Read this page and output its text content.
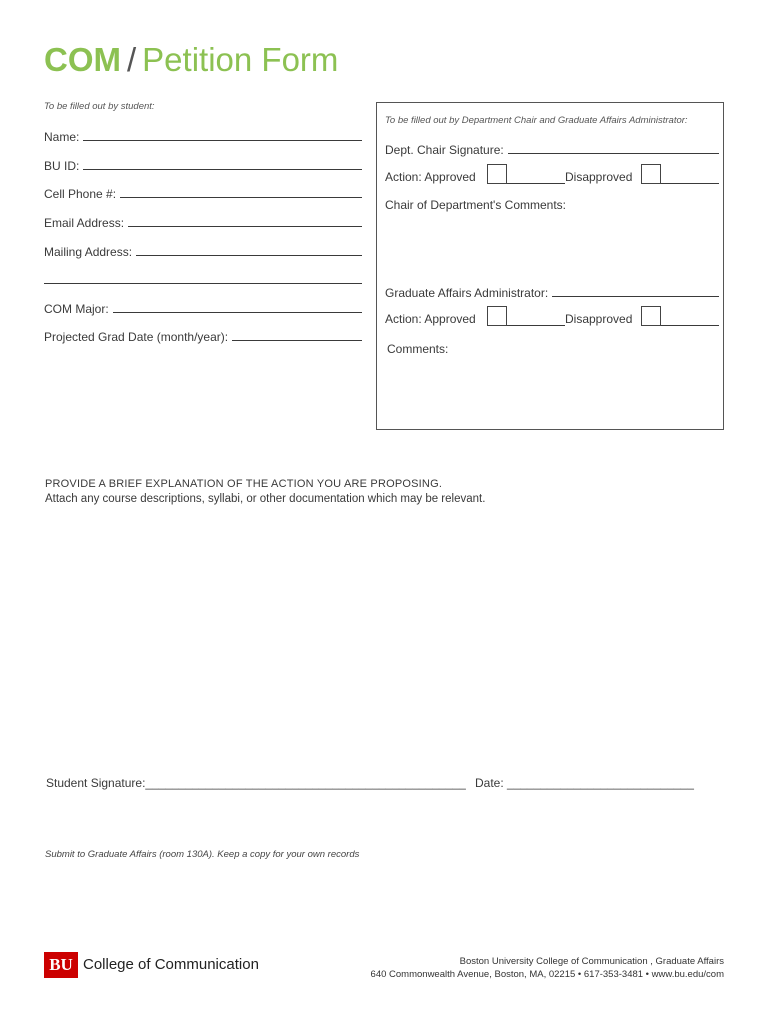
COM / Petition Form
To be filled out by student:
Name:
BU ID:
Cell Phone #:
Email Address:
Mailing Address:
COM Major:
Projected Grad Date (month/year):
To be filled out by Department Chair and Graduate Affairs Administrator:
Dept. Chair Signature:
Action: Approved	Disapproved
Chair of Department's Comments:
Graduate Affairs Administrator:
Action: Approved	Disapproved
Comments:
PROVIDE A BRIEF EXPLANATION OF THE ACTION YOU ARE PROPOSING.
Attach any course descriptions, syllabi, or other documentation which may be relevant.
Student Signature:________________________________________________ Date: ____________________________
Submit to Graduate Affairs (room 130A). Keep a copy for your own records
BU College of Communication	Boston University College of Communication , Graduate Affairs
640 Commonwealth Avenue, Boston, MA, 02215 • 617-353-3481 • www.bu.edu/com
